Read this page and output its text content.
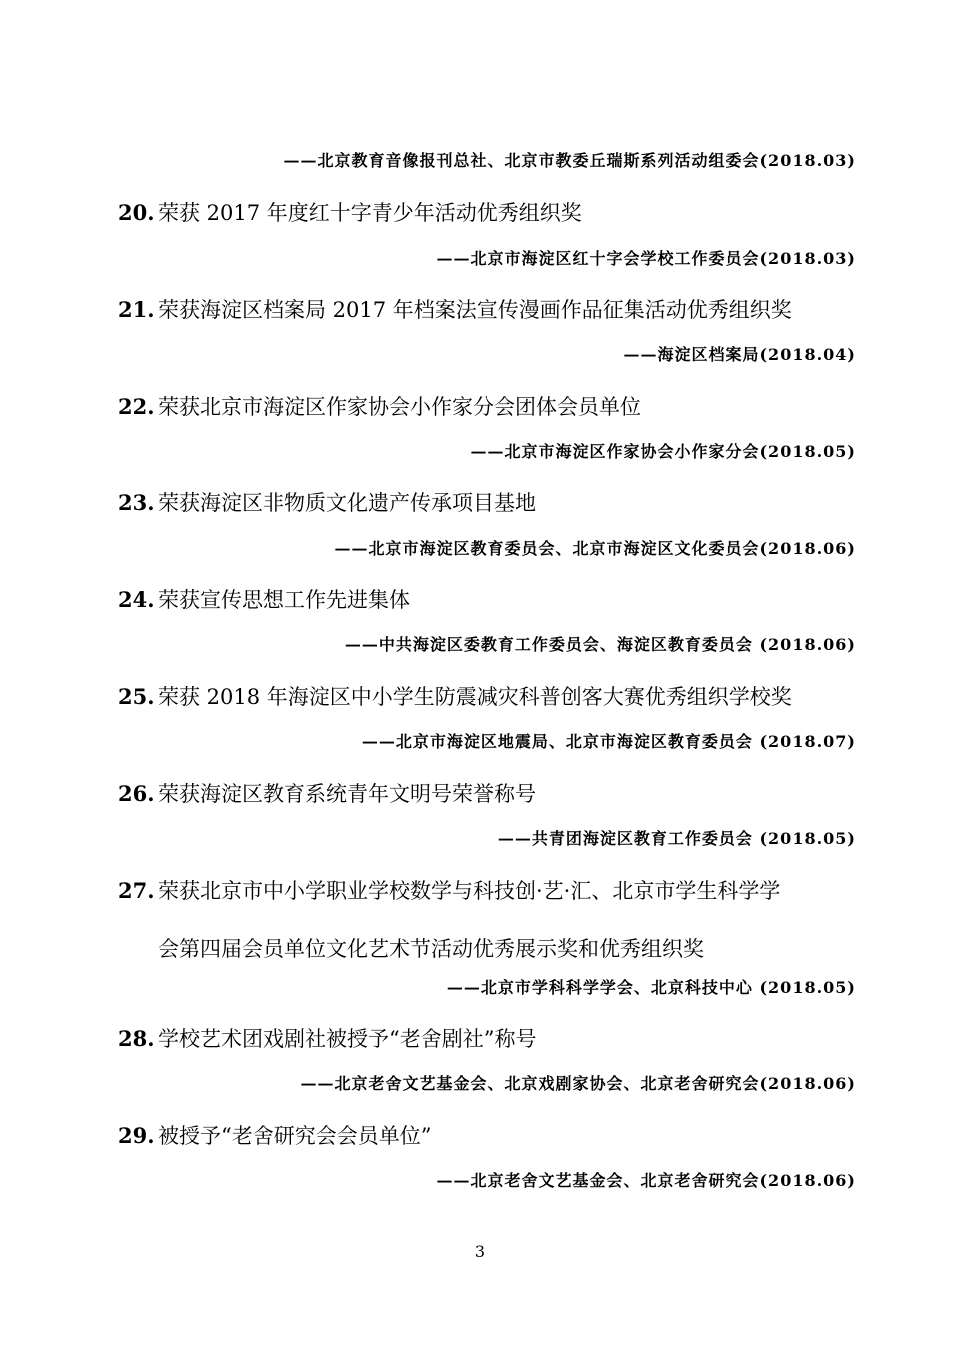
——北京教育音像报刊总社、北京市教委丘瑞斯系列活动组委会(2018.03)
20. 荣获 2017 年度红十字青少年活动优秀组织奖
——北京市海淀区红十字会学校工作委员会(2018.03)
21. 荣获海淀区档案局 2017 年档案法宣传漫画作品征集活动优秀组织奖
——海淀区档案局(2018.04)
22. 荣获北京市海淀区作家协会小作家分会团体会员单位
——北京市海淀区作家协会小作家分会(2018.05)
23. 荣获海淀区非物质文化遗产传承项目基地
——北京市海淀区教育委员会、北京市海淀区文化委员会(2018.06)
24. 荣获宣传思想工作先进集体
——中共海淀区委教育工作委员会、海淀区教育委员会 (2018.06)
25. 荣获 2018 年海淀区中小学生防震减灾科普创客大赛优秀组织学校奖
——北京市海淀区地震局、北京市海淀区教育委员会 (2018.07)
26. 荣获海淀区教育系统青年文明号荣誉称号
——共青团海淀区教育工作委员会 (2018.05)
27. 荣获北京市中小学职业学校数学与科技创·艺·汇、北京市学生科学学
会第四届会员单位文化艺术节活动优秀展示奖和优秀组织奖
——北京市学科科学学会、北京科技中心 (2018.05)
28. 学校艺术团戏剧社被授予“老舍剧社”称号
——北京老舍文艺基金会、北京戏剧家协会、北京老舍研究会(2018.06)
29. 被授予“老舍研究会会员单位”
——北京老舍文艺基金会、北京老舍研究会(2018.06)
3
